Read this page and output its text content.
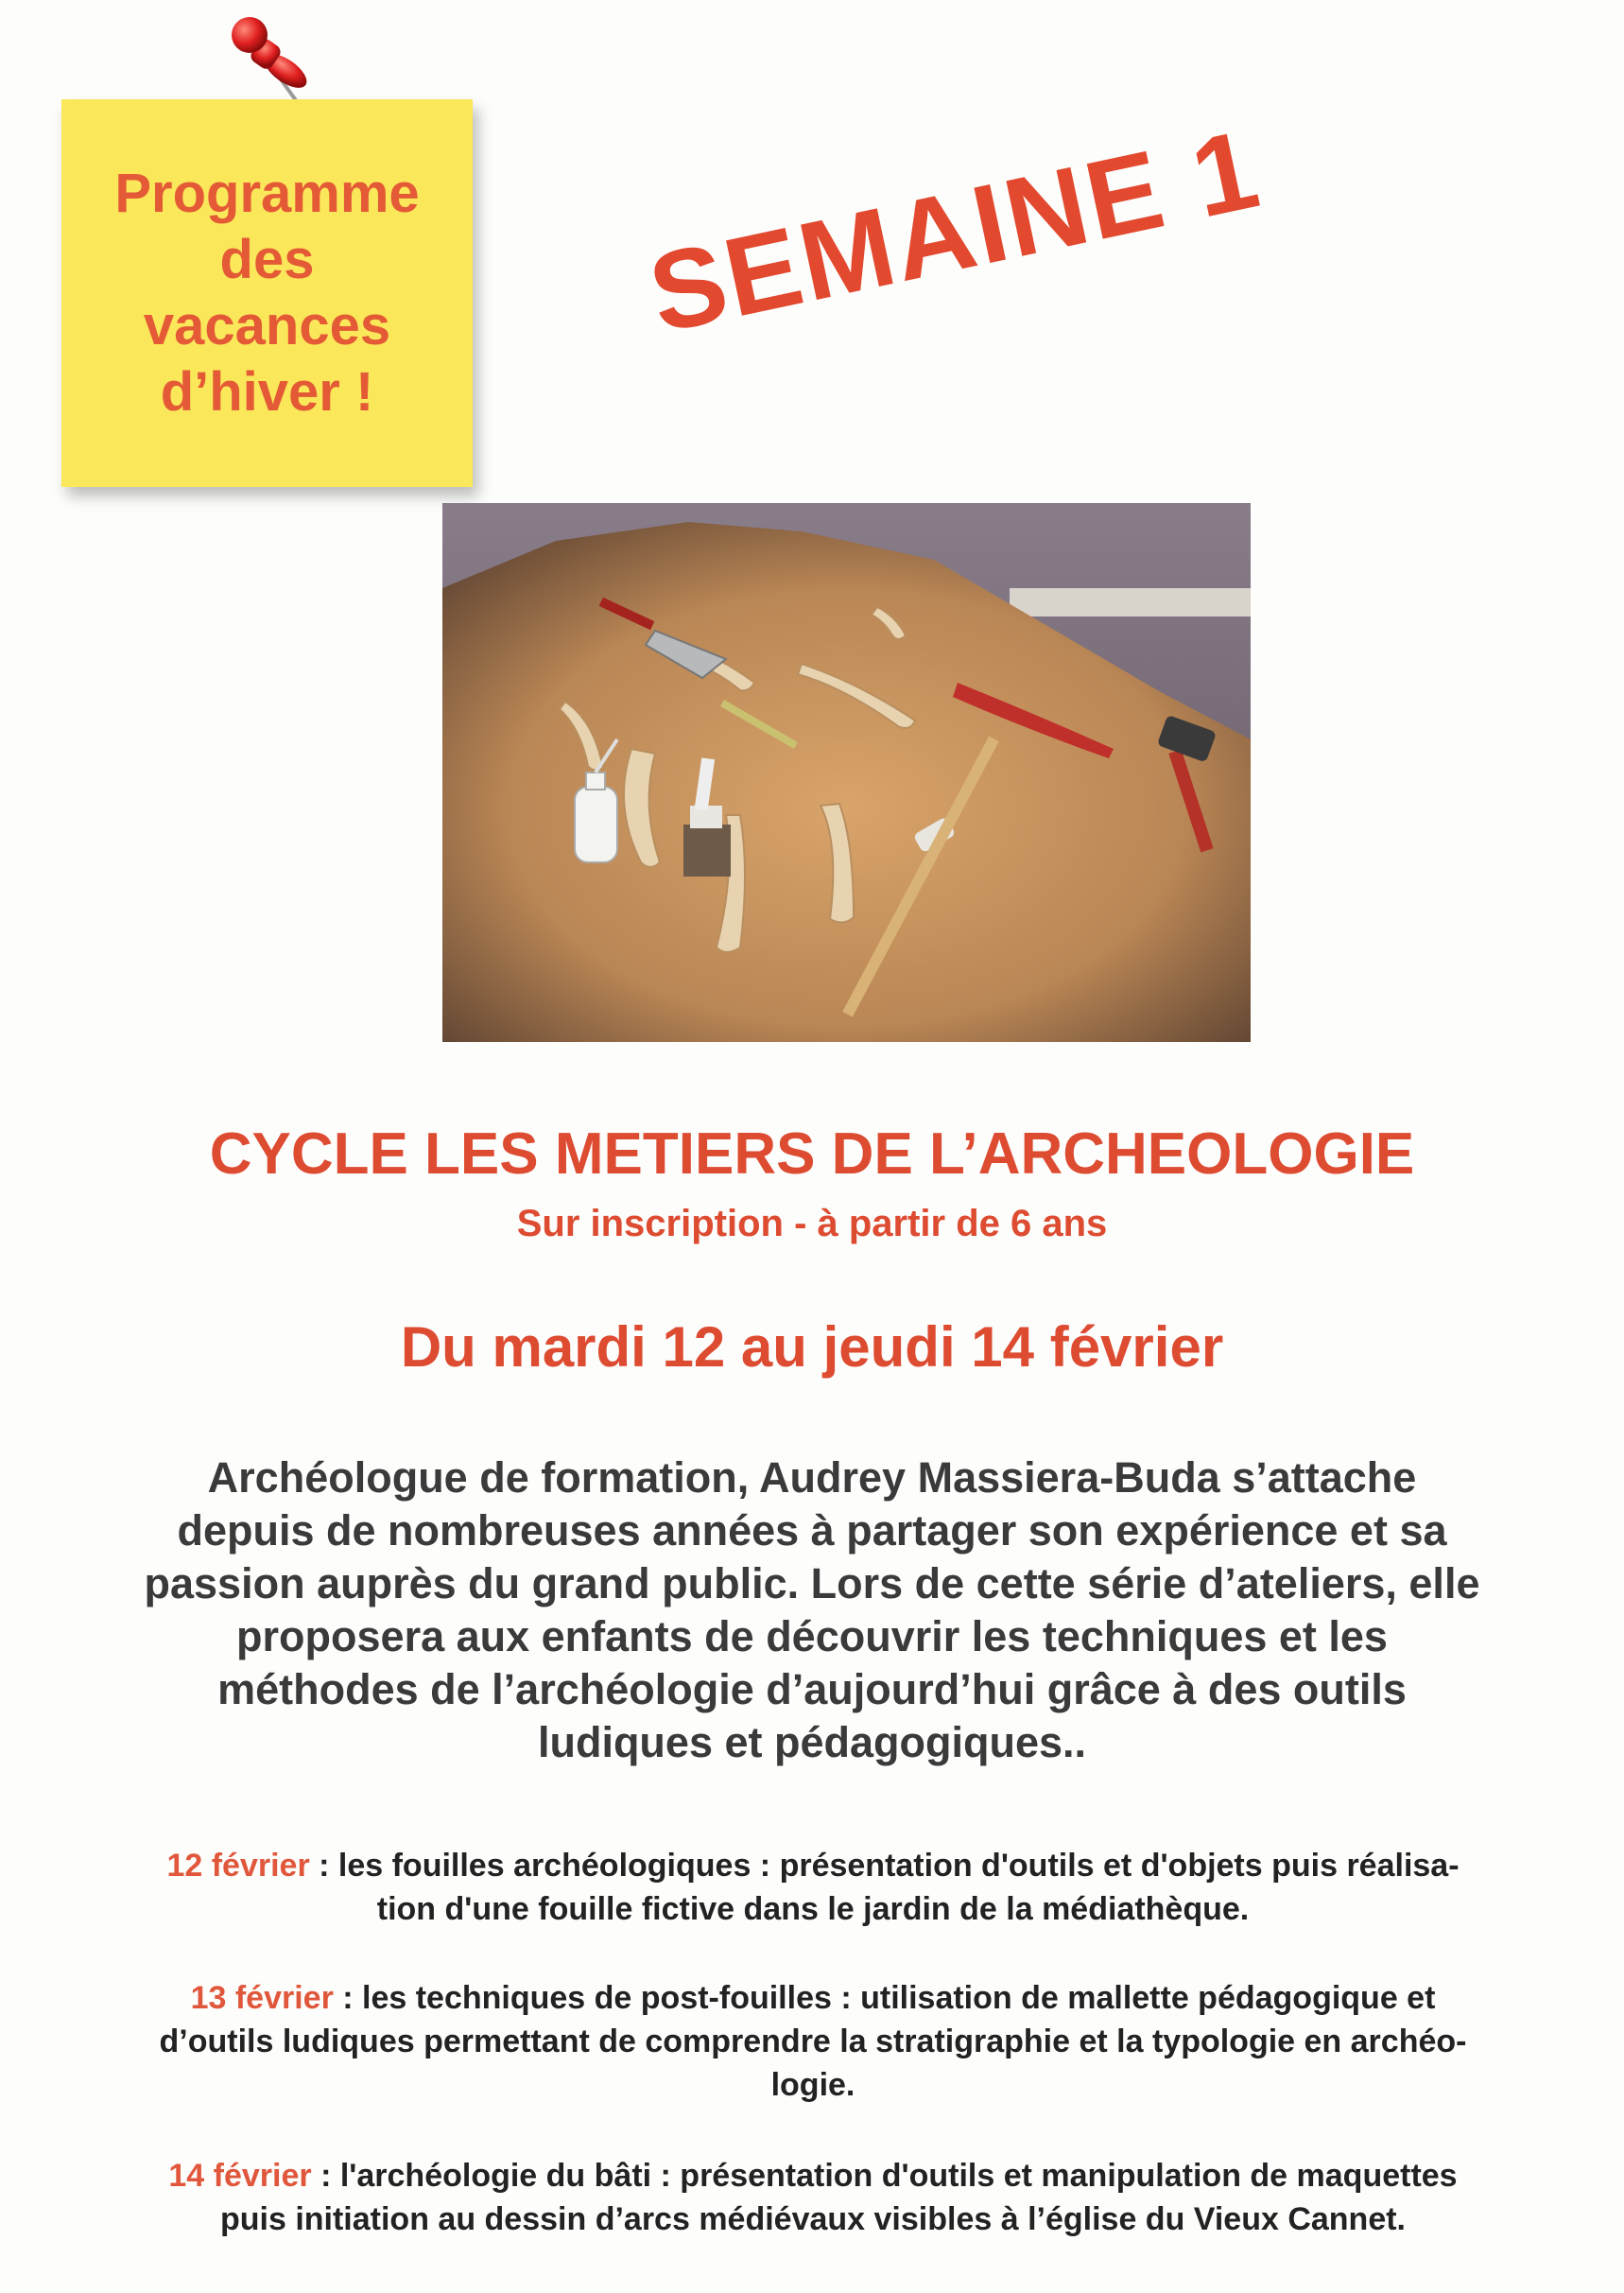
Programme
des
vacances
d’hiver !
SEMAINE 1
CYCLE LES METIERS DE L’ARCHEOLOGIE
Sur inscription - à partir de 6 ans
Du mardi 12 au jeudi 14 février
Archéologue de formation, Audrey Massiera-Buda s’attache
depuis de nombreuses années à partager son expérience et sa
passion auprès du grand public. Lors de cette série d’ateliers, elle
proposera aux enfants de découvrir les techniques et les
méthodes de l’archéologie d’aujourd’hui grâce à des outils
ludiques et pédagogiques..
12 février : les fouilles archéologiques : présentation d'outils et d'objets puis réalisa-
tion d'une fouille fictive dans le jardin de la médiathèque.
13 février : les techniques de post-fouilles : utilisation de mallette pédagogique et
d’outils ludiques permettant de comprendre la stratigraphie et la typologie en archéo-
logie.
14 février : l'archéologie du bâti : présentation d'outils et manipulation de maquettes
puis initiation au dessin d’arcs médiévaux visibles à l’église du Vieux Cannet.
